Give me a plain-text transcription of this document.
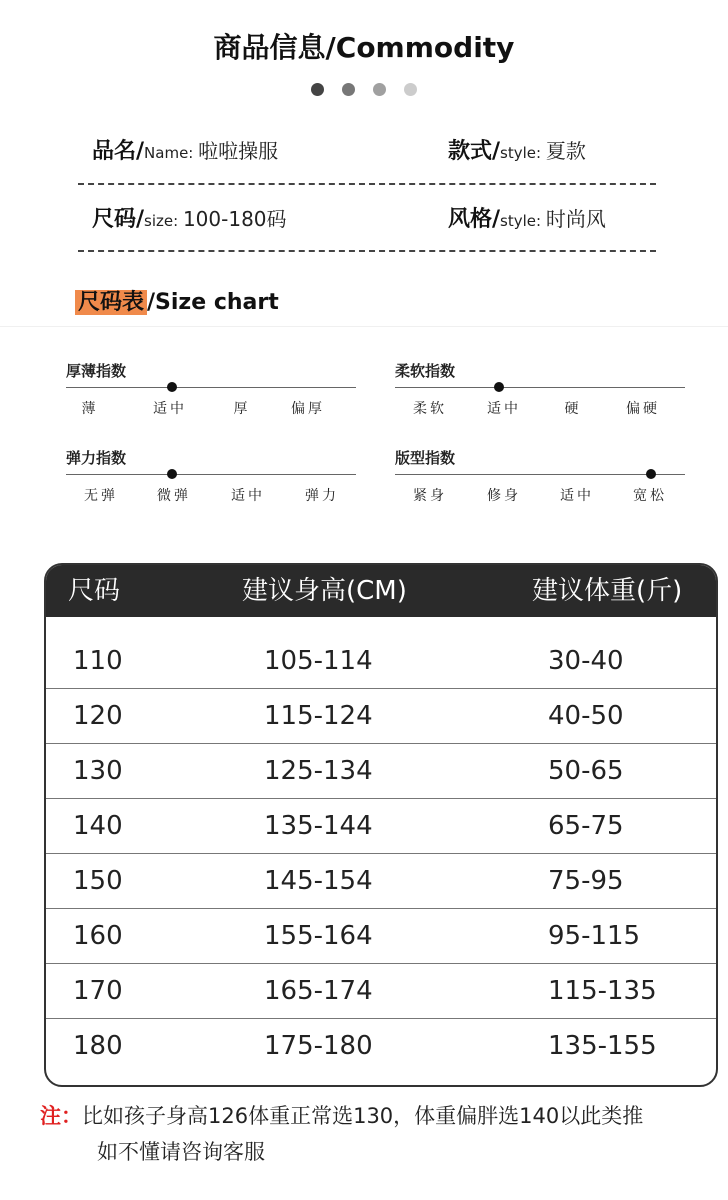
商品信息/Commodity
品名/Name: 啦啦操服	款式/style: 夏款
尺码/size: 100-180码	风格/style: 时尚风
尺码表 /Size chart
厚薄指数
薄	适中	厚	偏厚
柔软指数
柔软	适中	硬	偏硬
弹力指数
无弹	微弹	适中	弹力
版型指数
紧身	修身	适中	宽松
尺码	建议身高(CM)	建议体重(斤)
110	105-114	30-40
120	115-124	40-50
130	125-134	50-65
140	135-144	65-75
150	145-154	75-95
160	155-164	95-115
170	165-174	115-135
180	175-180	135-155
注：比如孩子身高126体重正常选130，体重偏胖选140以此类推
如不懂请咨询客服
